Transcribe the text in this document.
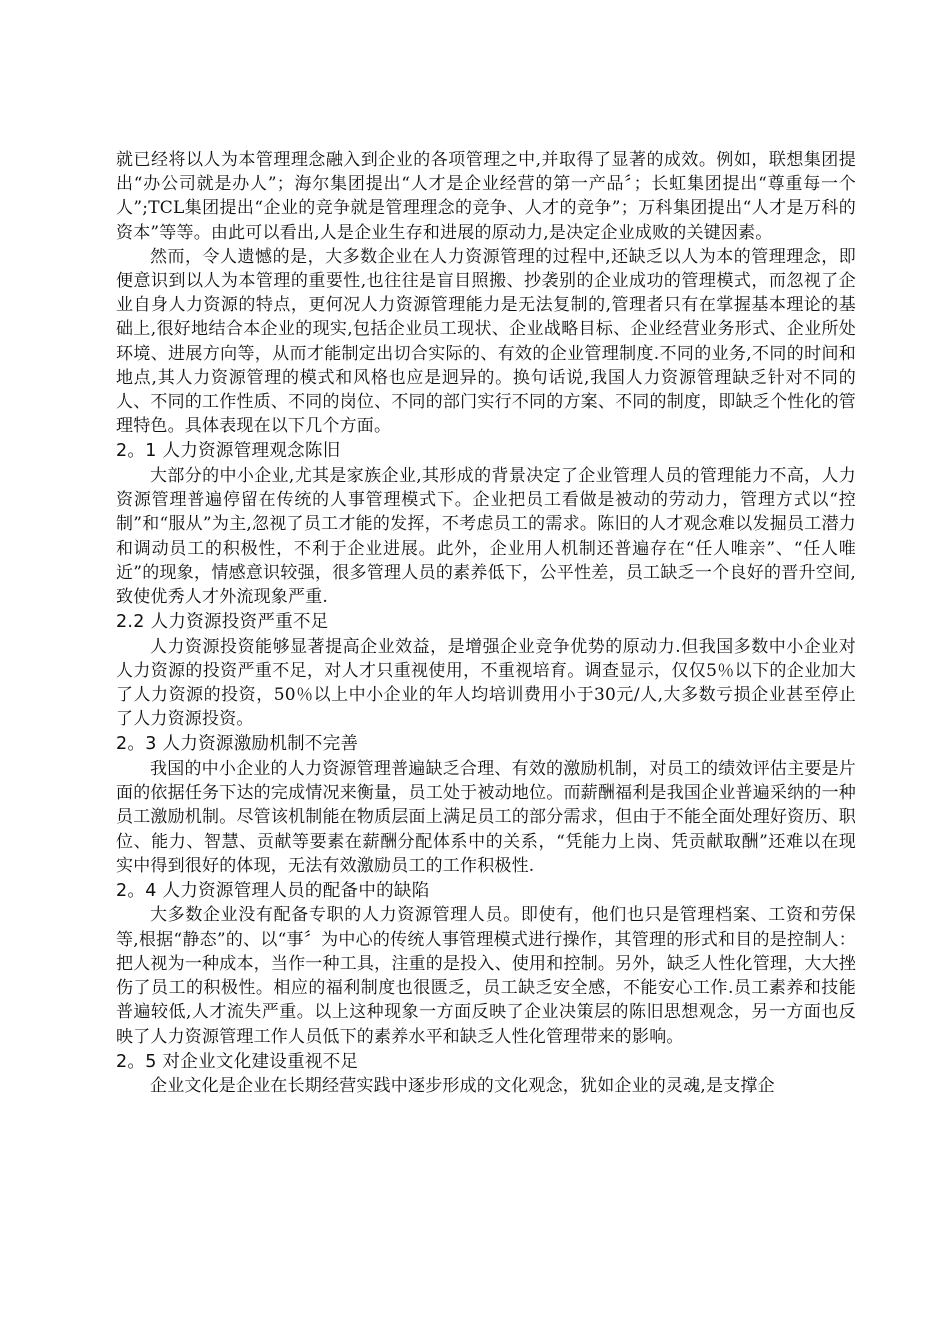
就已经将以人为本管理理念融入到企业的各项管理之中,并取得了显著的成效。例如，联想集团提出“办公司就是办人”；海尔集团提出“人才是企业经营的第一产品〞；长虹集团提出“尊重每一个人”;TCL集团提出“企业的竞争就是管理理念的竞争、人才的竞争”；万科集团提出“人才是万科的资本”等等。由此可以看出,人是企业生存和进展的原动力,是决定企业成败的关键因素。

然而，令人遗憾的是，大多数企业在人力资源管理的过程中,还缺乏以人为本的管理理念，即便意识到以人为本管理的重要性,也往往是盲目照搬、抄袭别的企业成功的管理模式，而忽视了企业自身人力资源的特点，更何况人力资源管理能力是无法复制的,管理者只有在掌握基本理论的基础上,很好地结合本企业的现实,包括企业员工现状、企业战略目标、企业经营业务形式、企业所处环境、进展方向等，从而才能制定出切合实际的、有效的企业管理制度.不同的业务,不同的时间和地点,其人力资源管理的模式和风格也应是迥异的。换句话说,我国人力资源管理缺乏针对不同的人、不同的工作性质、不同的岗位、不同的部门实行不同的方案、不同的制度，即缺乏个性化的管理特色。具体表现在以下几个方面。

2。1 人力资源管理观念陈旧

大部分的中小企业,尤其是家族企业,其形成的背景决定了企业管理人员的管理能力不高，人力资源管理普遍停留在传统的人事管理模式下。企业把员工看做是被动的劳动力，管理方式以“控制”和“服从”为主,忽视了员工才能的发挥，不考虑员工的需求。陈旧的人才观念难以发掘员工潜力和调动员工的积极性，不利于企业进展。此外，企业用人机制还普遍存在“任人唯亲”、“任人唯近”的现象，情感意识较强，很多管理人员的素养低下，公平性差，员工缺乏一个良好的晋升空间,致使优秀人才外流现象严重.

2.2 人力资源投资严重不足

人力资源投资能够显著提高企业效益，是增强企业竞争优势的原动力.但我国多数中小企业对人力资源的投资严重不足，对人才只重视使用，不重视培育。调查显示，仅仅5％以下的企业加大了人力资源的投资，50％以上中小企业的年人均培训费用小于30元/人,大多数亏损企业甚至停止了人力资源投资。

2。3 人力资源激励机制不完善

我国的中小企业的人力资源管理普遍缺乏合理、有效的激励机制，对员工的绩效评估主要是片面的依据任务下达的完成情况来衡量，员工处于被动地位。而薪酬福利是我国企业普遍采纳的一种员工激励机制。尽管该机制能在物质层面上满足员工的部分需求，但由于不能全面处理好资历、职位、能力、智慧、贡献等要素在薪酬分配体系中的关系，“凭能力上岗、凭贡献取酬”还难以在现实中得到很好的体现，无法有效激励员工的工作积极性.

2。4 人力资源管理人员的配备中的缺陷

大多数企业没有配备专职的人力资源管理人员。即使有，他们也只是管理档案、工资和劳保等,根据“静态”的、以“事〞为中心的传统人事管理模式进行操作，其管理的形式和目的是控制人：把人视为一种成本，当作一种工具，注重的是投入、使用和控制。另外，缺乏人性化管理，大大挫伤了员工的积极性。相应的福利制度也很匮乏，员工缺乏安全感，不能安心工作.员工素养和技能普遍较低,人才流失严重。以上这种现象一方面反映了企业决策层的陈旧思想观念，另一方面也反映了人力资源管理工作人员低下的素养水平和缺乏人性化管理带来的影响。

2。5 对企业文化建设重视不足

企业文化是企业在长期经营实践中逐步形成的文化观念，犹如企业的灵魂,是支撑企
